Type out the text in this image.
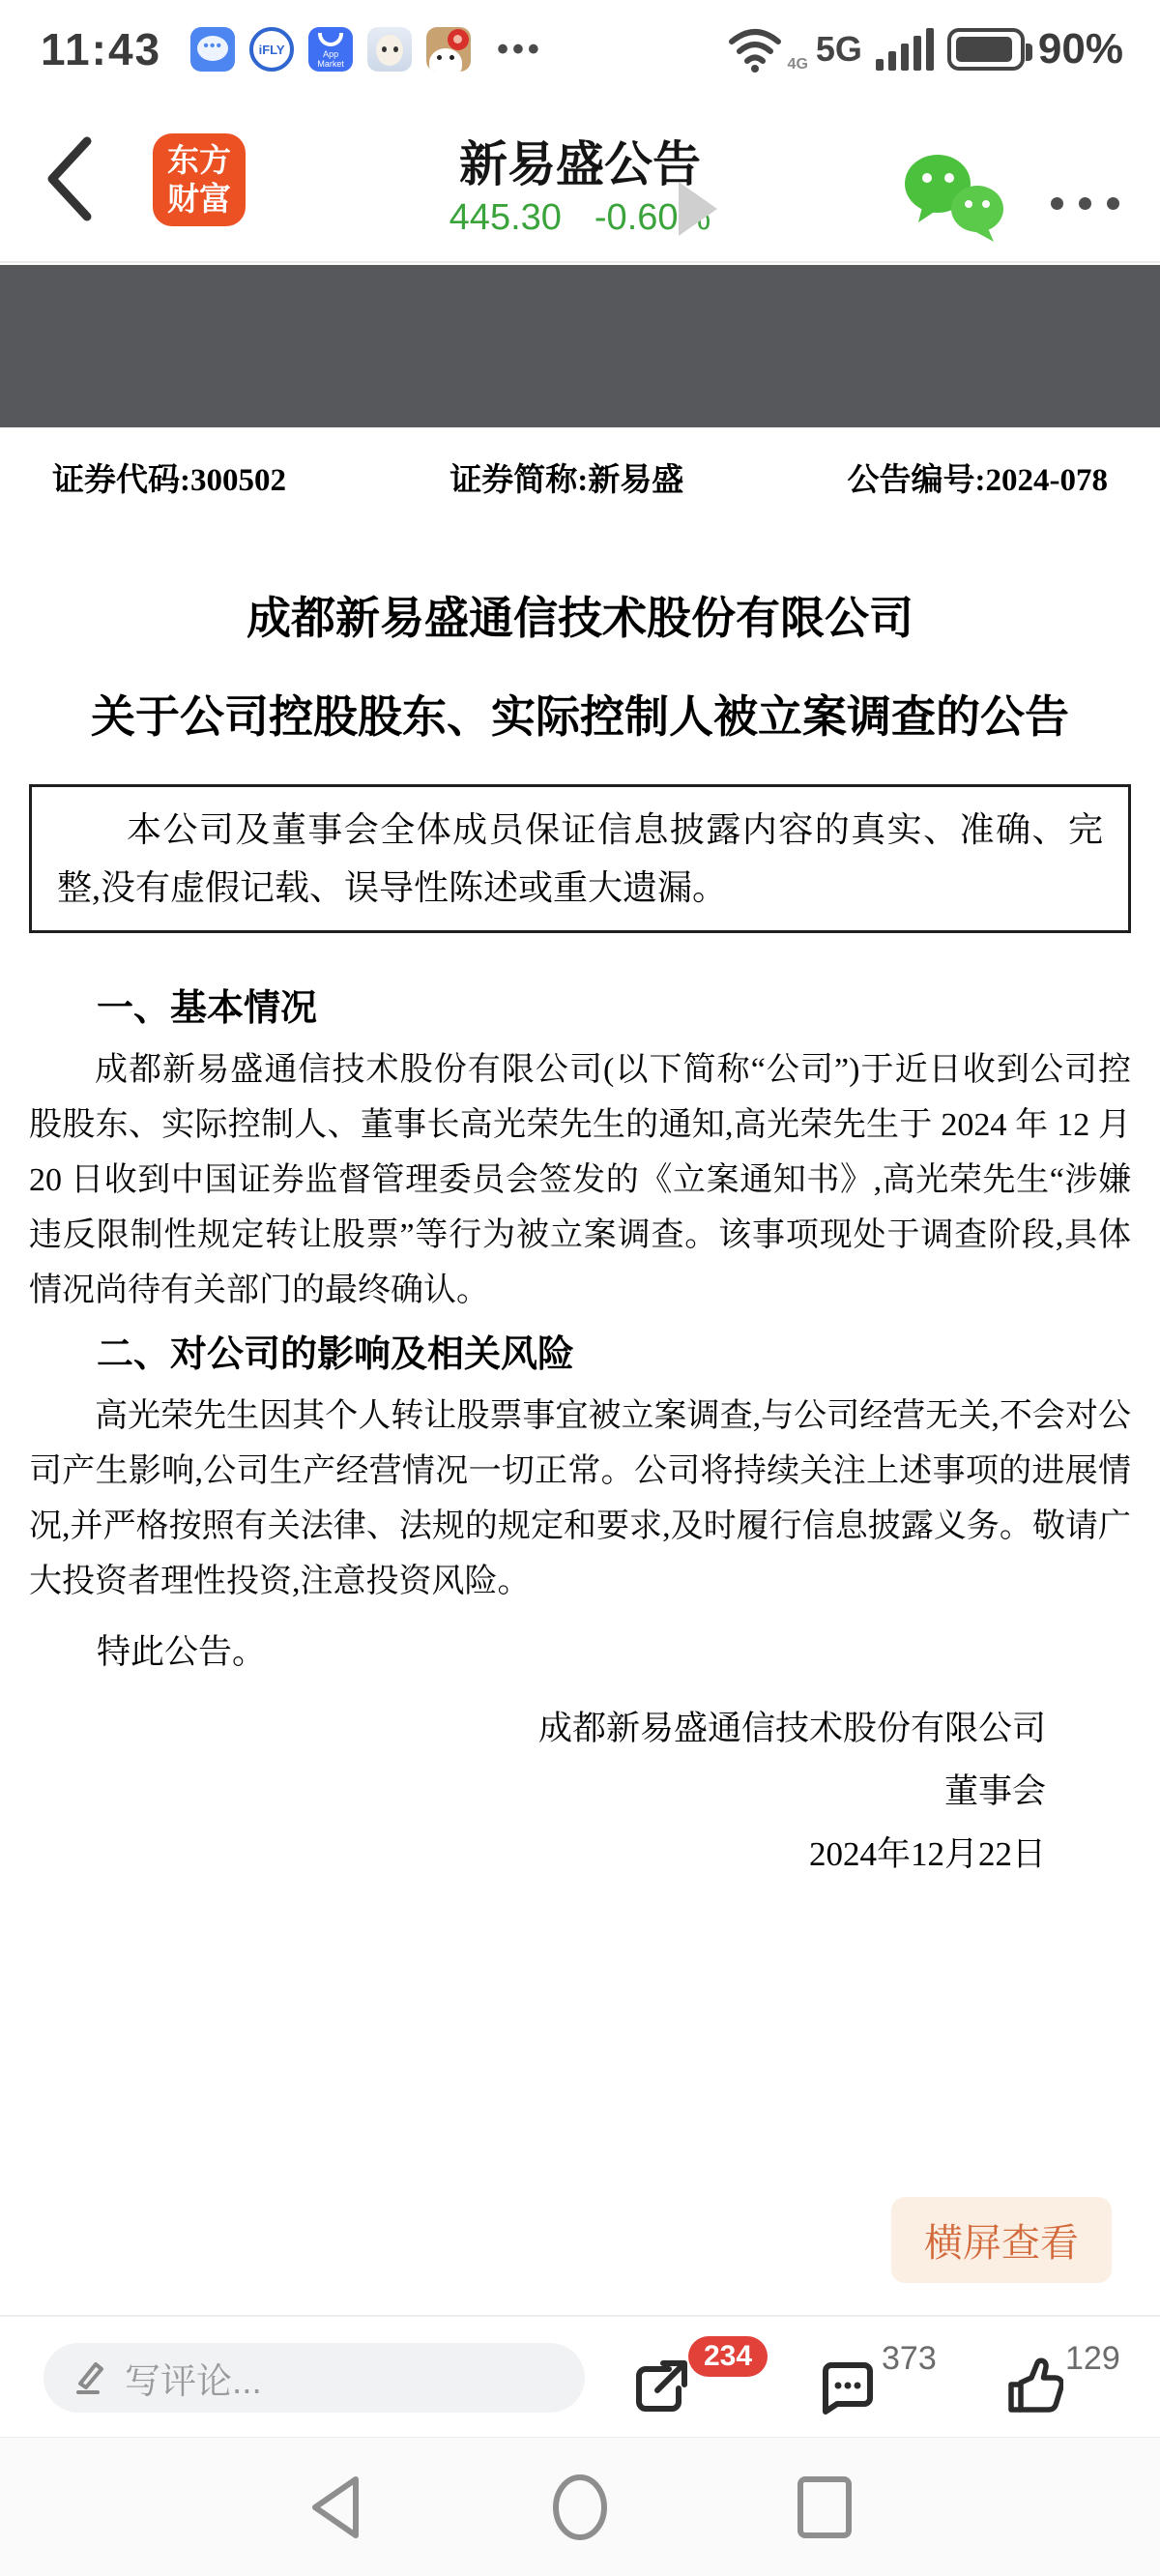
11:43	•••	iFLY	App Market	•••	4G 5G	90%
东方
财富
新易盛公告
445.30 -0.60%
证券代码:300502	证券简称:新易盛	公告编号:2024-078
成都新易盛通信技术股份有限公司
关于公司控股股东、实际控制人被立案调查的公告
本公司及董事会全体成员保证信息披露内容的真实、准确、完整,没有虚假记载、误导性陈述或重大遗漏。
一、基本情况
成都新易盛通信技术股份有限公司(以下简称“公司”)于近日收到公司控股股东、实际控制人、董事长高光荣先生的通知,高光荣先生于 2024 年 12 月 20 日收到中国证券监督管理委员会签发的《立案通知书》,高光荣先生“涉嫌违反限制性规定转让股票”等行为被立案调查。该事项现处于调查阶段,具体情况尚待有关部门的最终确认。
二、对公司的影响及相关风险
高光荣先生因其个人转让股票事宜被立案调查,与公司经营无关,不会对公司产生影响,公司生产经营情况一切正常。公司将持续关注上述事项的进展情况,并严格按照有关法律、法规的规定和要求,及时履行信息披露义务。敬请广大投资者理性投资,注意投资风险。
特此公告。
成都新易盛通信技术股份有限公司
董事会
2024年12月22日
横屏查看
写评论...
234	373	129
